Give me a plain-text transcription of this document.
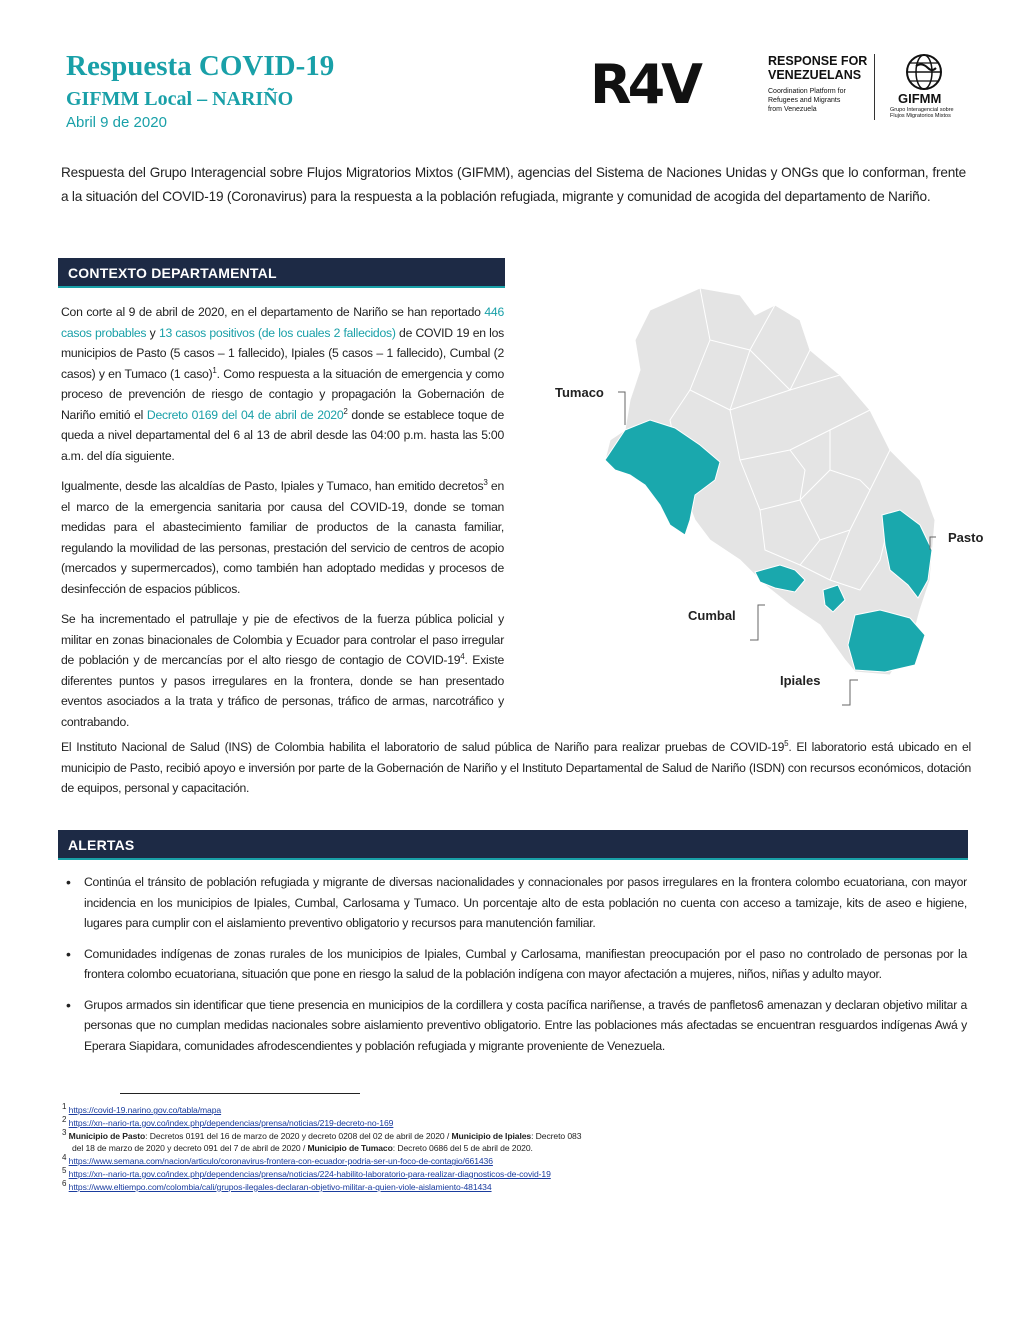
Respuesta COVID-19
GIFMM Local – NARIÑO
Abril 9 de 2020
R4V	RESPONSE FOR
VENEZUELANS
Coordination Platform for
Refugees and Migrants
from Venezuela
GIFMM
Grupo Interagencial sobre
Flujos Migratorios Mixtos
Respuesta del Grupo Interagencial sobre Flujos Migratorios Mixtos (GIFMM), agencias del Sistema de Naciones Unidas y ONGs que lo conforman, frente a la situación del COVID-19 (Coronavirus) para la respuesta a la población refugiada, migrante y comunidad de acogida del departamento de Nariño.
CONTEXTO DEPARTAMENTAL

Con corte al 9 de abril de 2020, en el departamento de Nariño se han reportado 446 casos probables y 13 casos positivos (de los cuales 2 fallecidos) de COVID 19 en los municipios de Pasto (5 casos – 1 fallecido), Ipiales (5 casos – 1 fallecido), Cumbal (2 casos) y en Tumaco (1 caso)$^1$. Como respuesta a la situación de emergencia y como proceso de prevención de riesgo de contagio y propagación la Gobernación de Nariño emitió el Decreto 0169 del 04 de abril de 2020$^2$ donde se establece toque de queda a nivel departamental del 6 al 13 de abril desde las 04:00 p.m. hasta las 5:00 a.m. del día siguiente.

Igualmente, desde las alcaldías de Pasto, Ipiales y Tumaco, han emitido decretos$^3$ en el marco de la emergencia sanitaria por causa del COVID-19, donde se toman medidas para el abastecimiento familiar de productos de la canasta familiar, regulando la movilidad de las personas, prestación del servicio de centros de acopio (mercados y supermercados), como también han adoptado medidas y procesos de desinfección de espacios públicos.

Se ha incrementado el patrullaje y pie de efectivos de la fuerza pública policial y militar en zonas binacionales de Colombia y Ecuador para controlar el paso irregular de población y de mercancías por el alto riesgo de contagio de COVID-$19^4$. Existe diferentes puntos y pasos irregulares en la frontera, donde se han presentado eventos asociados a la trata y tráfico de personas, tráfico de armas, narcotráfico y contrabando.

Tumaco
Pasto
Cumbal
Ipiales
El Instituto Nacional de Salud (INS) de Colombia habilita el laboratorio de salud pública de Nariño para realizar pruebas de COVID-$19^5$. El laboratorio está ubicado en el municipio de Pasto, recibió apoyo e inversión por parte de la Gobernación de Nariño y el Instituto Departamental de Salud de Nariño (ISDN) con recursos económicos, dotación de equipos, personal y capacitación.
ALERTAS
• Continúa el tránsito de población refugiada y migrante de diversas nacionalidades y connacionales por pasos irregulares en la frontera colombo ecuatoriana, con mayor incidencia en los municipios de Ipiales, Cumbal, Carlosama y Tumaco. Un porcentaje alto de esta población no cuenta con acceso a tamizaje, kits de aseo e higiene, lugares para cumplir con el aislamiento preventivo obligatorio y recursos para manutención familiar.
• Comunidades indígenas de zonas rurales de los municipios de Ipiales, Cumbal y Carlosama, manifiestan preocupación por el paso no controlado de personas por la frontera colombo ecuatoriana, situación que pone en riesgo la salud de la población indígena con mayor afectación a mujeres, niños, niñas y adulto mayor.
• Grupos armados sin identificar que tiene presencia en municipios de la cordillera y costa pacífica nariñense, a través de panfletos6 amenazan y declaran objetivo militar a personas que no cumplan medidas nacionales sobre aislamiento preventivo obligatorio. Entre las poblaciones más afectadas se encuentran resguardos indígenas Awá y Eperara Siapidara, comunidades afrodescendientes y población refugiada y migrante proveniente de Venezuela.
$^1$ https://covid-19.narino.gov.co/tabla/mapa
$^2$ https://xn--nario-rta.gov.co/index.php/dependencias/prensa/noticias/219-decreto-no-169
$^3$ Municipio de Pasto: Decretos 0191 del 16 de marzo de 2020 y decreto 0208 del 02 de abril de 2020 / Municipio de Ipiales: Decreto 083
del 18 de marzo de 2020 y decreto 091 del 7 de abril de 2020 / Municipio de Tumaco: Decreto 0686 del 5 de abril de 2020.
$^4$ https://www.semana.com/nacion/articulo/coronavirus-frontera-con-ecuador-podria-ser-un-foco-de-contagio/661436
$^5$ https://xn--nario-rta.gov.co/index.php/dependencias/prensa/noticias/224-habilito-laboratorio-para-realizar-diagnosticos-de-covid-19
$^6$ https://www.eltiempo.com/colombia/cali/grupos-ilegales-declaran-objetivo-militar-a-quien-viole-aislamiento-481434
